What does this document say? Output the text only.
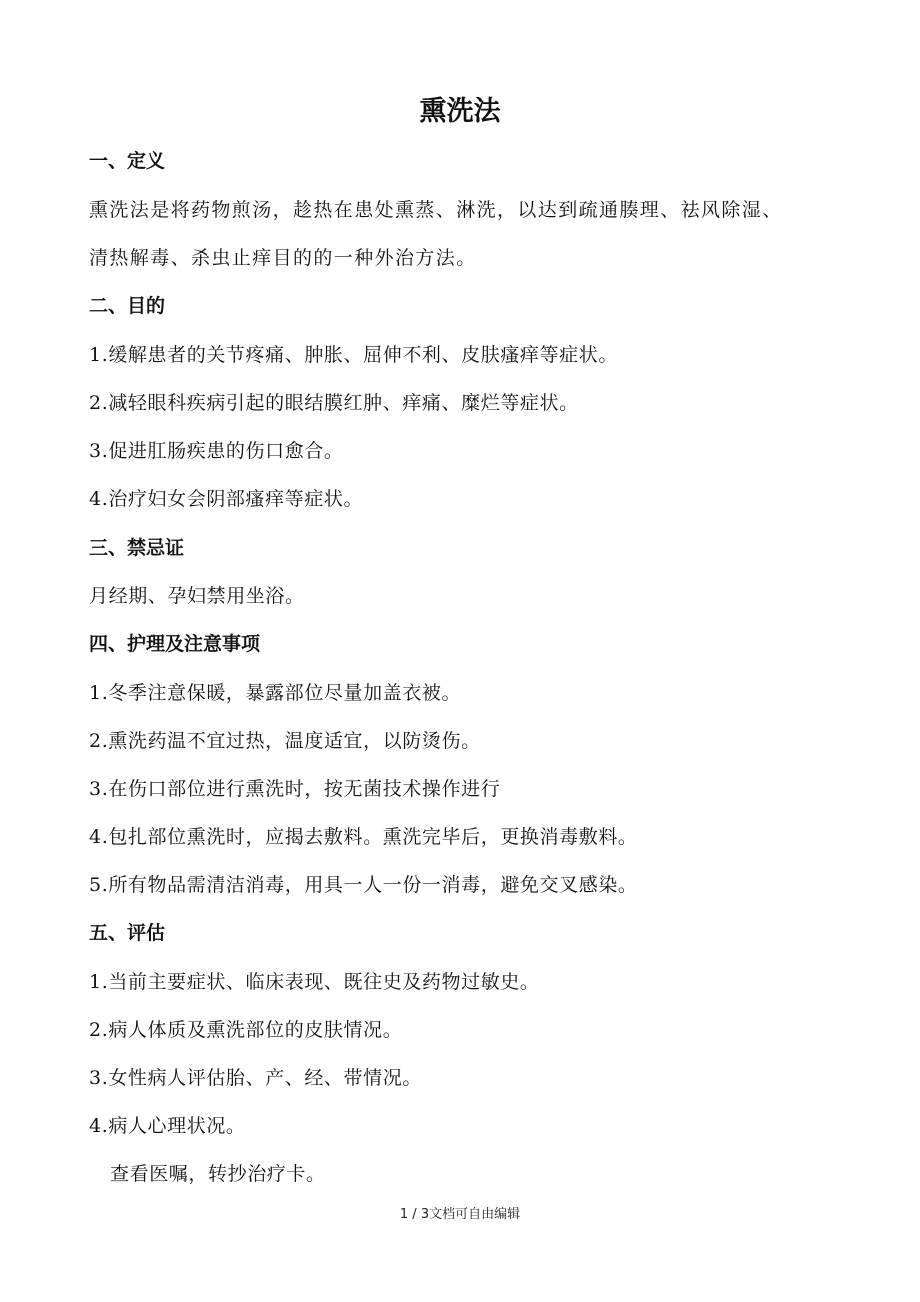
熏洗法
一、定义

熏洗法是将药物煎汤，趁热在患处熏蒸、淋洗，以达到疏通腠理、祛风除湿、

清热解毒、杀虫止痒目的的一种外治方法。

二、目的

1.缓解患者的关节疼痛、肿胀、屈伸不利、皮肤瘙痒等症状。

2.减轻眼科疾病引起的眼结膜红肿、痒痛、糜烂等症状。

3.促进肛肠疾患的伤口愈合。

4.治疗妇女会阴部瘙痒等症状。

三、禁忌证

月经期、孕妇禁用坐浴。

四、护理及注意事项

1.冬季注意保暖，暴露部位尽量加盖衣被。

2.熏洗药温不宜过热，温度适宜，以防烫伤。

3.在伤口部位进行熏洗时，按无菌技术操作进行

4.包扎部位熏洗时，应揭去敷料。熏洗完毕后，更换消毒敷料。

5.所有物品需清洁消毒，用具一人一份一消毒，避免交叉感染。

五、评估

1.当前主要症状、临床表现、既往史及药物过敏史。

2.病人体质及熏洗部位的皮肤情况。

3.女性病人评估胎、产、经、带情况。

4.病人心理状况。

查看医嘱，转抄治疗卡。

1 / 3文档可自由编辑
